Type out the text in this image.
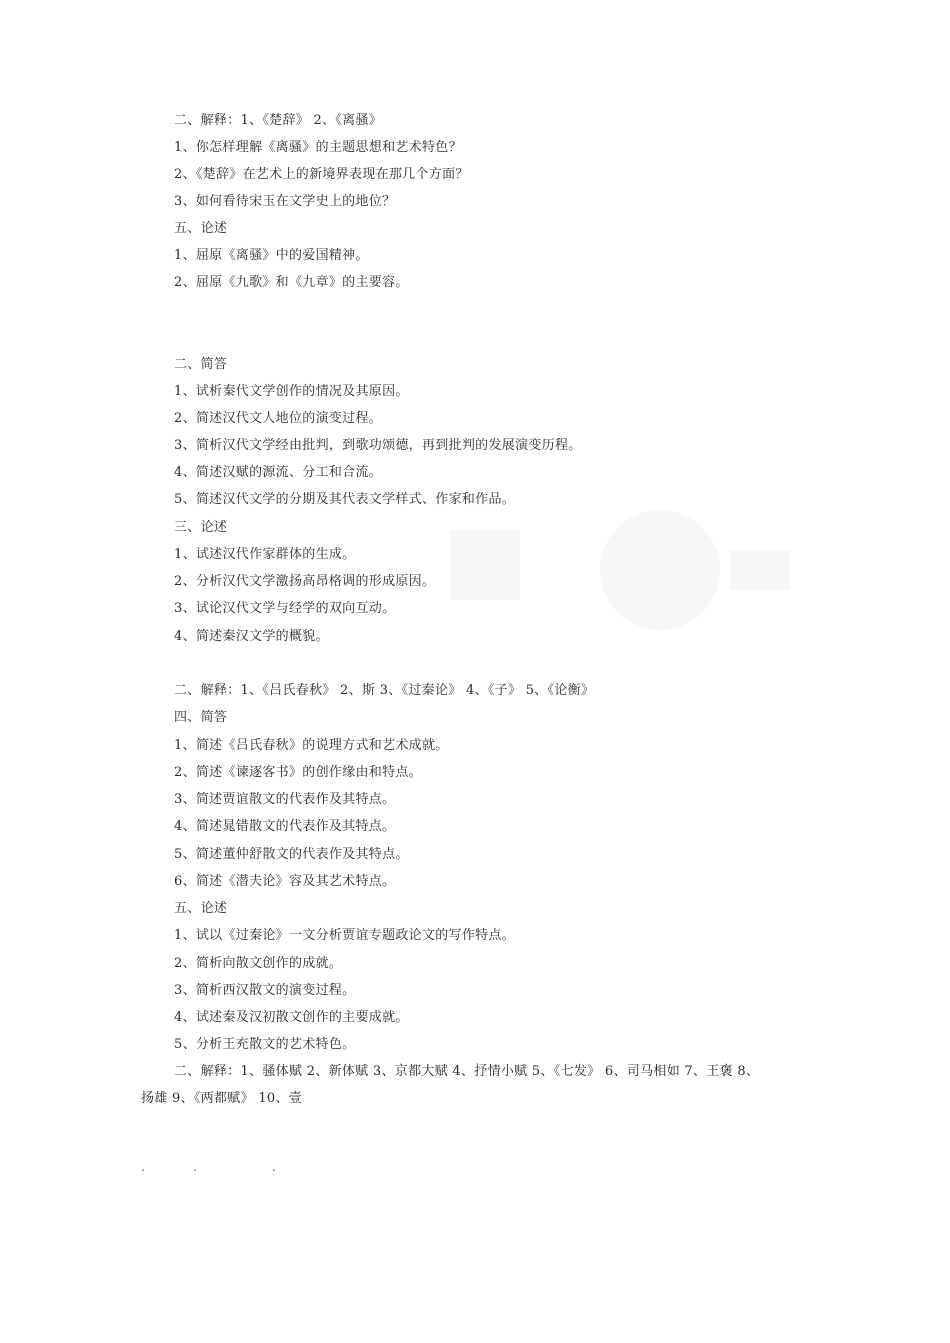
二、解释：1、《楚辞》 2、《离骚》
1、你怎样理解《离骚》的主题思想和艺术特色？
2、《楚辞》在艺术上的新境界表现在那几个方面？
3、如何看待宋玉在文学史上的地位？
五、论述
1、屈原《离骚》中的爱国精神。
2、屈原《九歌》和《九章》的主要容。
二、简答
1、试析秦代文学创作的情况及其原因。
2、简述汉代文人地位的演变过程。
3、简析汉代文学经由批判，到歌功颂德，再到批判的发展演变历程。
4、简述汉赋的源流、分工和合流。
5、简述汉代文学的分期及其代表文学样式、作家和作品。
三、论述
1、试述汉代作家群体的生成。
2、分析汉代文学激扬高昂格调的形成原因。
3、试论汉代文学与经学的双向互动。
4、简述秦汉文学的概貌。
二、解释：1、《吕氏春秋》 2、斯 3、《过秦论》 4、《子》 5、《论衡》
四、简答
1、简述《吕氏春秋》的说理方式和艺术成就。
2、简述《谏逐客书》的创作缘由和特点。
3、简述贾谊散文的代表作及其特点。
4、简述晁错散文的代表作及其特点。
5、简述董仲舒散文的代表作及其特点。
6、简述《潜夫论》容及其艺术特点。
五、论述
1、试以《过秦论》一文分析贾谊专题政论文的写作特点。
2、简析向散文创作的成就。
3、简析西汉散文的演变过程。
4、试述秦及汉初散文创作的主要成就。
5、分析王充散文的艺术特色。
二、解释：1、骚体赋 2、新体赋 3、京都大赋 4、抒情小赋 5、《七发》 6、司马相如 7、王褒 8、
扬雄 9、《两都赋》 10、壹
.	.	.
